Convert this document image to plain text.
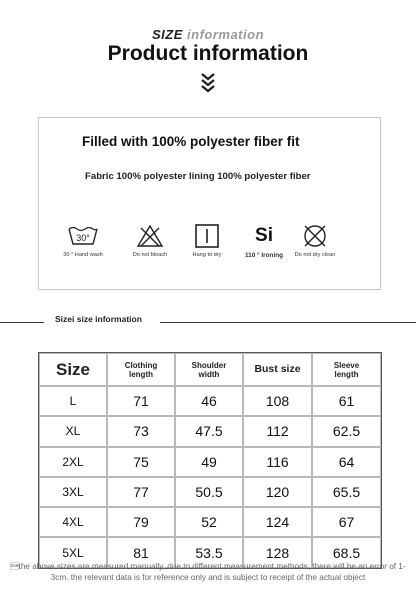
SIZE information
Product information
Filled with 100% polyester fiber fit
Fabric 100% polyester lining 100% polyester fiber
30°
30 ° Hand wash	Do not bleach	Hang to dry
Si
110 ° Ironing	Do not dry clean
Sizei size information
Size	Clothing length	Shoulder width	Bust size	Sleeve length
L	71	46	108	61
XL	73	47.5	112	62.5
2XL	75	49	116	64
3XL	77	50.5	120	65.5
4XL	79	52	124	67
5XL	81	53.5	128	68.5
the above sizes are measured manually. due to different measurement methods, there will be an error of 1-3cm. the relevant data is for reference only and is subject to receipt of the actual object
